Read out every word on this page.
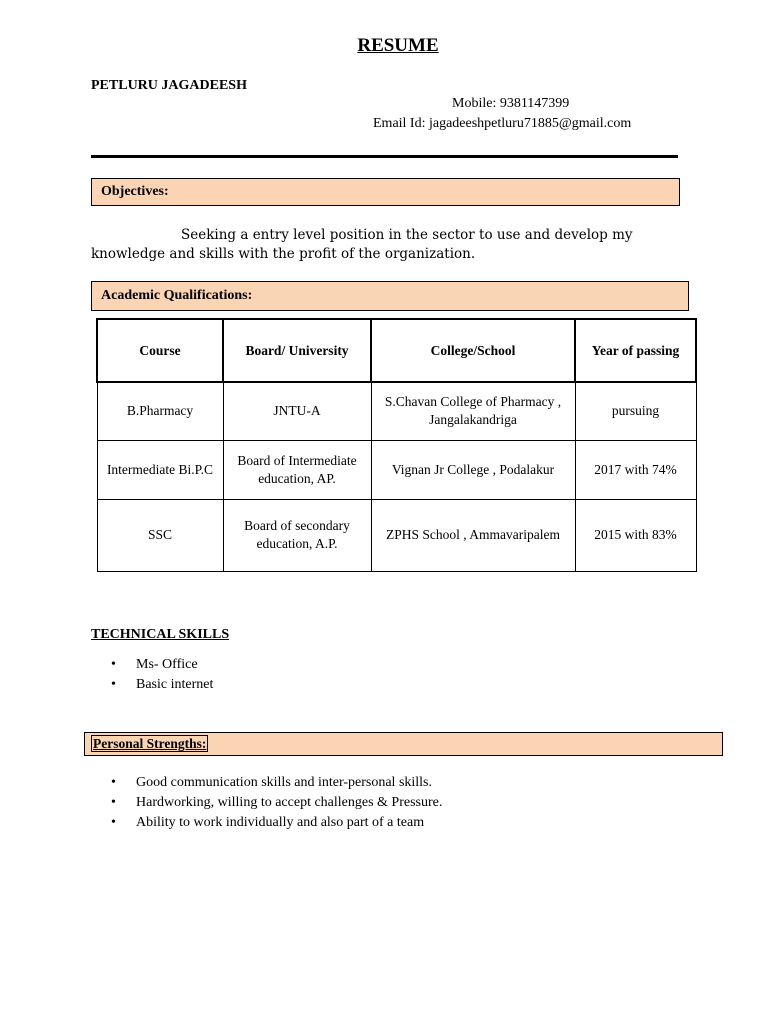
RESUME
PETLURU JAGADEESH
Mobile: 9381147399
Email Id: jagadeeshpetluru71885@gmail.com
Objectives:
Seeking a entry level position in the sector to use and develop my knowledge and skills with the profit of the organization.
Academic Qualifications:
Course	Board/ University	College/School	Year of passing
B.Pharmacy	JNTU-A	S.Chavan College of Pharmacy , Jangalakandriga	pursuing
Intermediate Bi.P.C	Board of Intermediate education, AP.	Vignan Jr College , Podalakur	2017 with 74%
SSC	Board of secondary education, A.P.	ZPHS School , Ammavaripalem	2015 with 83%
TECHNICAL SKILLS
• Ms- Office
• Basic internet
Personal Strengths:
• Good communication skills and inter-personal skills.
• Hardworking, willing to accept challenges & Pressure.
• Ability to work individually and also part of a team
